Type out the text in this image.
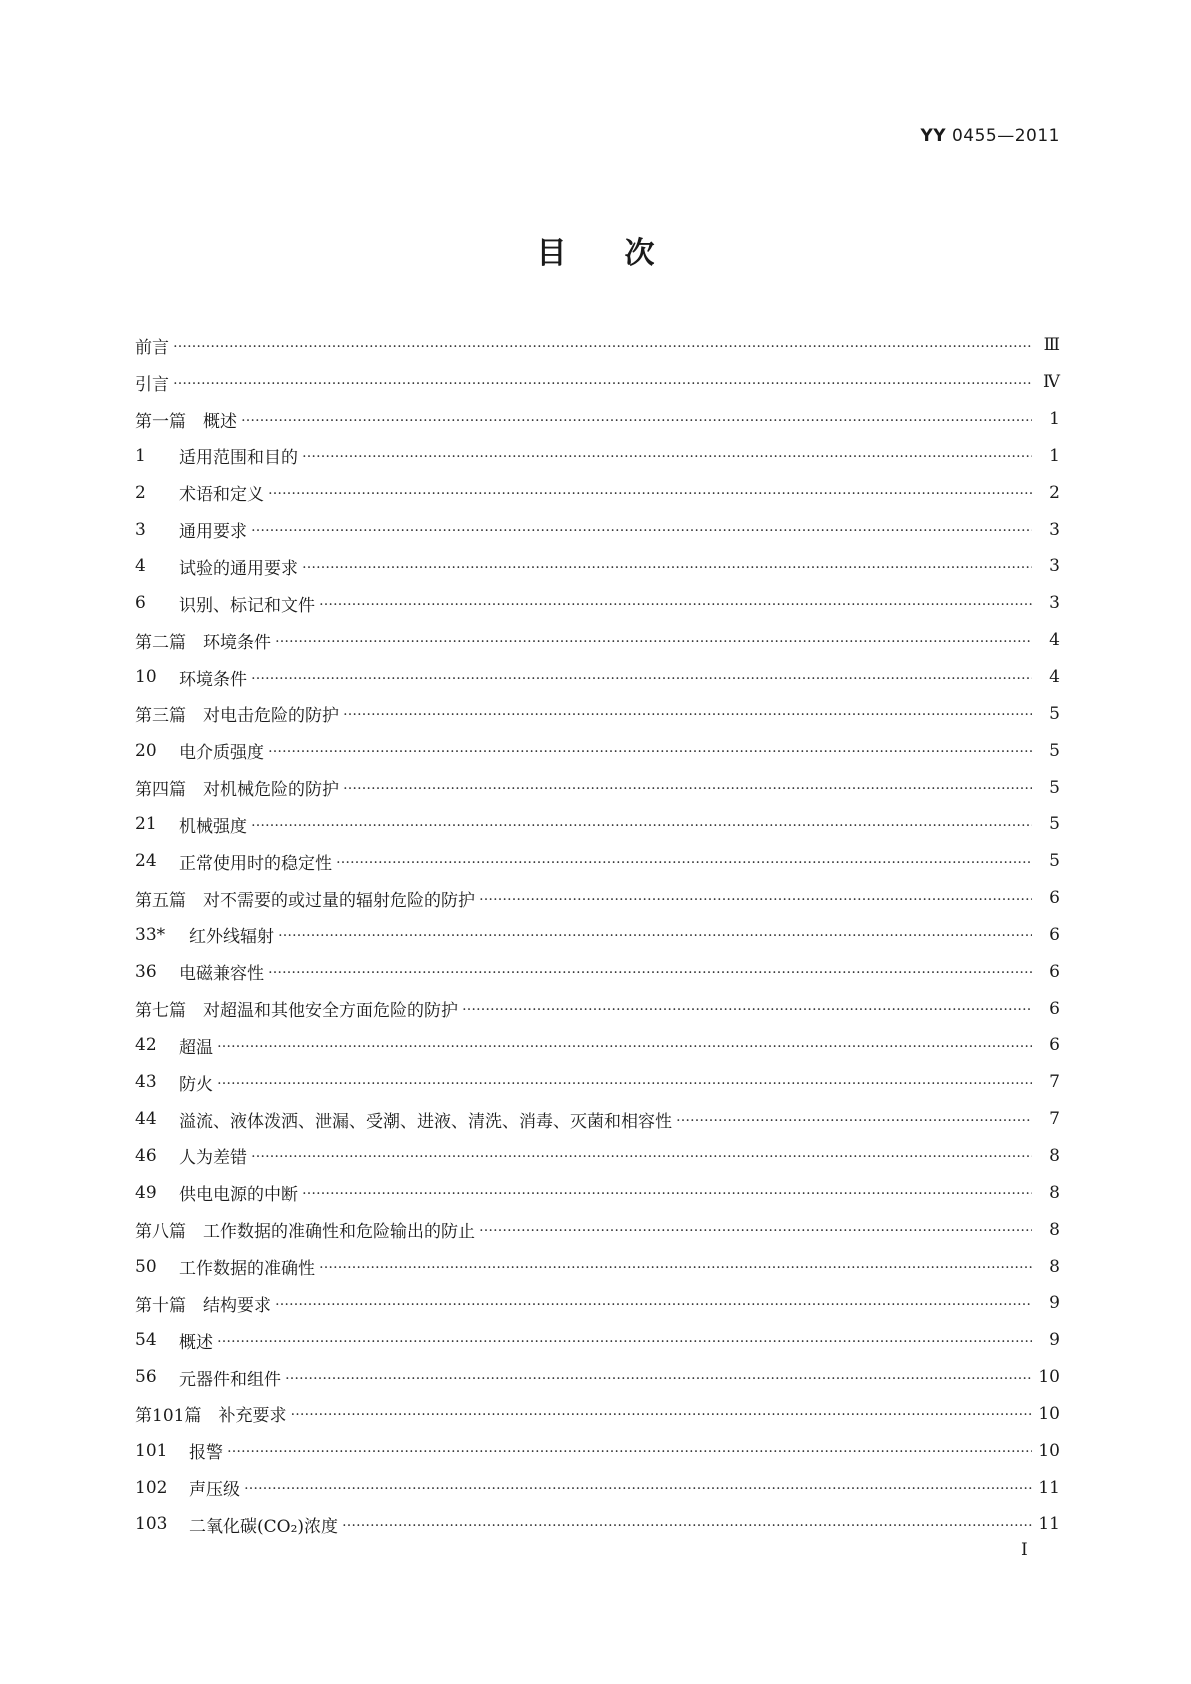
YY 0455—2011
目次
前言 …………………………………………………………………………………………………………………………………………………………………………………………………………………	Ⅲ
引言 …………………………………………………………………………………………………………………………………………………………………………………………………………………	Ⅳ
第一篇　概述 …………………………………………………………………………………………………………………………………………………………………………………………………………………	1
1	适用范围和目的 …………………………………………………………………………………………………………………………………………………………………………………………………………………	1
2	术语和定义 …………………………………………………………………………………………………………………………………………………………………………………………………………………	2
3	通用要求 …………………………………………………………………………………………………………………………………………………………………………………………………………………	3
4	试验的通用要求 …………………………………………………………………………………………………………………………………………………………………………………………………………………	3
6	识别、标记和文件 …………………………………………………………………………………………………………………………………………………………………………………………………………………	3
第二篇　环境条件 …………………………………………………………………………………………………………………………………………………………………………………………………………………	4
10	环境条件 …………………………………………………………………………………………………………………………………………………………………………………………………………………	4
第三篇　对电击危险的防护 …………………………………………………………………………………………………………………………………………………………………………………………………………………	5
20	电介质强度 …………………………………………………………………………………………………………………………………………………………………………………………………………………	5
第四篇　对机械危险的防护 …………………………………………………………………………………………………………………………………………………………………………………………………………………	5
21	机械强度 …………………………………………………………………………………………………………………………………………………………………………………………………………………	5
24	正常使用时的稳定性 …………………………………………………………………………………………………………………………………………………………………………………………………………………	5
第五篇　对不需要的或过量的辐射危险的防护 …………………………………………………………………………………………………………………………………………………………………………………………………………………	6
33*	红外线辐射 …………………………………………………………………………………………………………………………………………………………………………………………………………………	6
36	电磁兼容性 …………………………………………………………………………………………………………………………………………………………………………………………………………………	6
第七篇　对超温和其他安全方面危险的防护 …………………………………………………………………………………………………………………………………………………………………………………………………………………	6
42	超温 …………………………………………………………………………………………………………………………………………………………………………………………………………………	6
43	防火 …………………………………………………………………………………………………………………………………………………………………………………………………………………	7
44	溢流、液体泼洒、泄漏、受潮、进液、清洗、消毒、灭菌和相容性 …………………………………………………………………………………………………………………………………………………………………………………………………………………	7
46	人为差错 …………………………………………………………………………………………………………………………………………………………………………………………………………………	8
49	供电电源的中断 …………………………………………………………………………………………………………………………………………………………………………………………………………………	8
第八篇　工作数据的准确性和危险输出的防止 …………………………………………………………………………………………………………………………………………………………………………………………………………………	8
50	工作数据的准确性 …………………………………………………………………………………………………………………………………………………………………………………………………………………	8
第十篇　结构要求 …………………………………………………………………………………………………………………………………………………………………………………………………………………	9
54	概述 …………………………………………………………………………………………………………………………………………………………………………………………………………………	9
56	元器件和组件 …………………………………………………………………………………………………………………………………………………………………………………………………………………	10
第101篇　补充要求 …………………………………………………………………………………………………………………………………………………………………………………………………………………	10
101	报警 …………………………………………………………………………………………………………………………………………………………………………………………………………………	10
102	声压级 …………………………………………………………………………………………………………………………………………………………………………………………………………………	11
103	二氧化碳(CO₂)浓度 …………………………………………………………………………………………………………………………………………………………………………………………………………………	11
I
